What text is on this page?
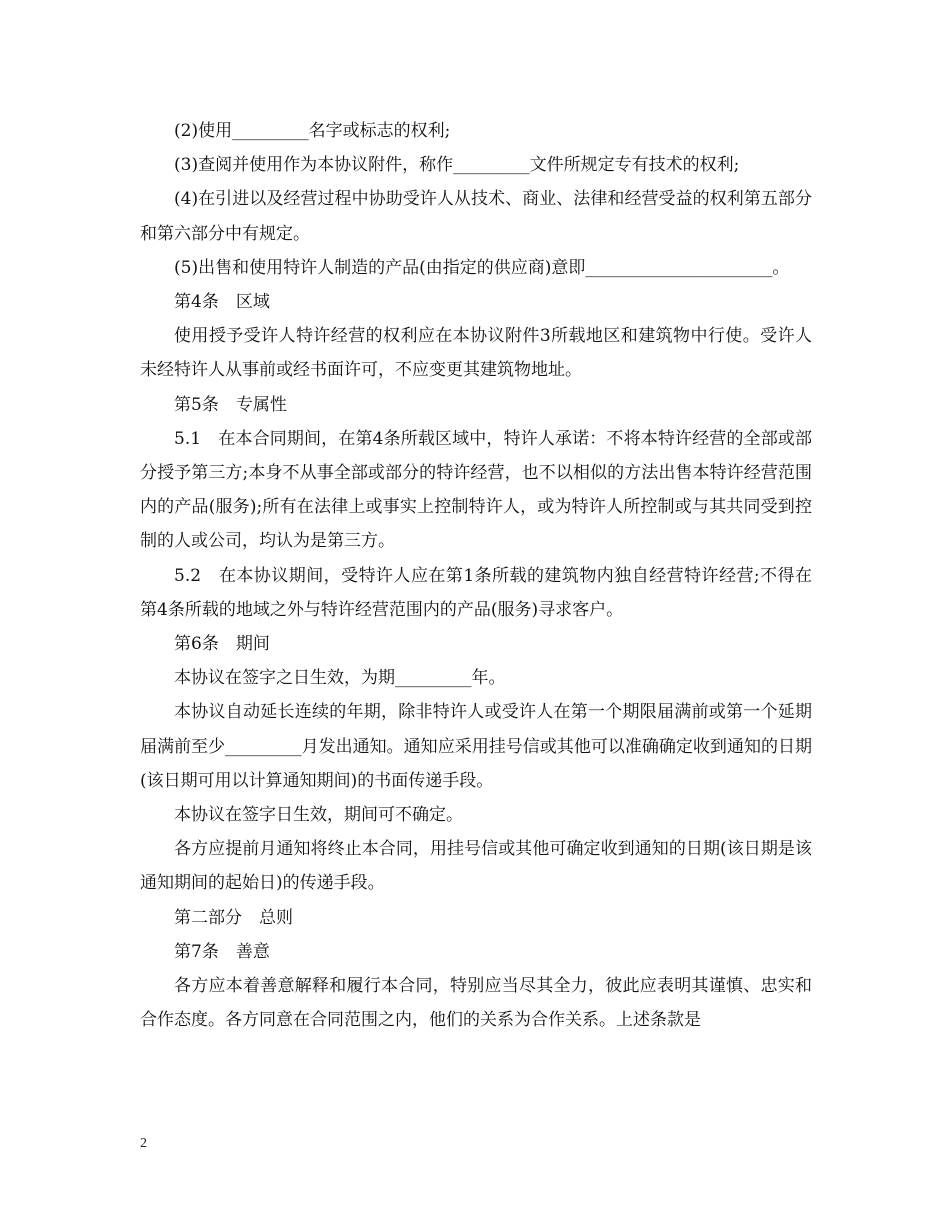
(2)使用_________名字或标志的权利;

(3)查阅并使用作为本协议附件，称作_________文件所规定专有技术的权利;

(4)在引进以及经营过程中协助受许人从技术、商业、法律和经营受益的权利第五部分和第六部分中有规定。

(5)出售和使用特许人制造的产品(由指定的供应商)意即______________________。

第4条　区域

使用授予受许人特许经营的权利应在本协议附件3所载地区和建筑物中行使。受许人未经特许人从事前或经书面许可，不应变更其建筑物地址。

第5条　专属性

5.1　在本合同期间，在第4条所载区域中，特许人承诺：不将本特许经营的全部或部分授予第三方;本身不从事全部或部分的特许经营，也不以相似的方法出售本特许经营范围内的产品(服务);所有在法律上或事实上控制特许人，或为特许人所控制或与其共同受到控制的人或公司，均认为是第三方。

5.2　在本协议期间，受特许人应在第1条所载的建筑物内独自经营特许经营;不得在第4条所载的地域之外与特许经营范围内的产品(服务)寻求客户。

第6条　期间

本协议在签字之日生效，为期_________年。

本协议自动延长连续的年期，除非特许人或受许人在第一个期限届满前或第一个延期届满前至少_________月发出通知。通知应采用挂号信或其他可以准确确定收到通知的日期(该日期可用以计算通知期间)的书面传递手段。

本协议在签字日生效，期间可不确定。

各方应提前月通知将终止本合同，用挂号信或其他可确定收到通知的日期(该日期是该通知期间的起始日)的传递手段。

第二部分　总则

第7条　善意

各方应本着善意解释和履行本合同，特别应当尽其全力，彼此应表明其谨慎、忠实和合作态度。各方同意在合同范围之内，他们的关系为合作关系。上述条款是

2
